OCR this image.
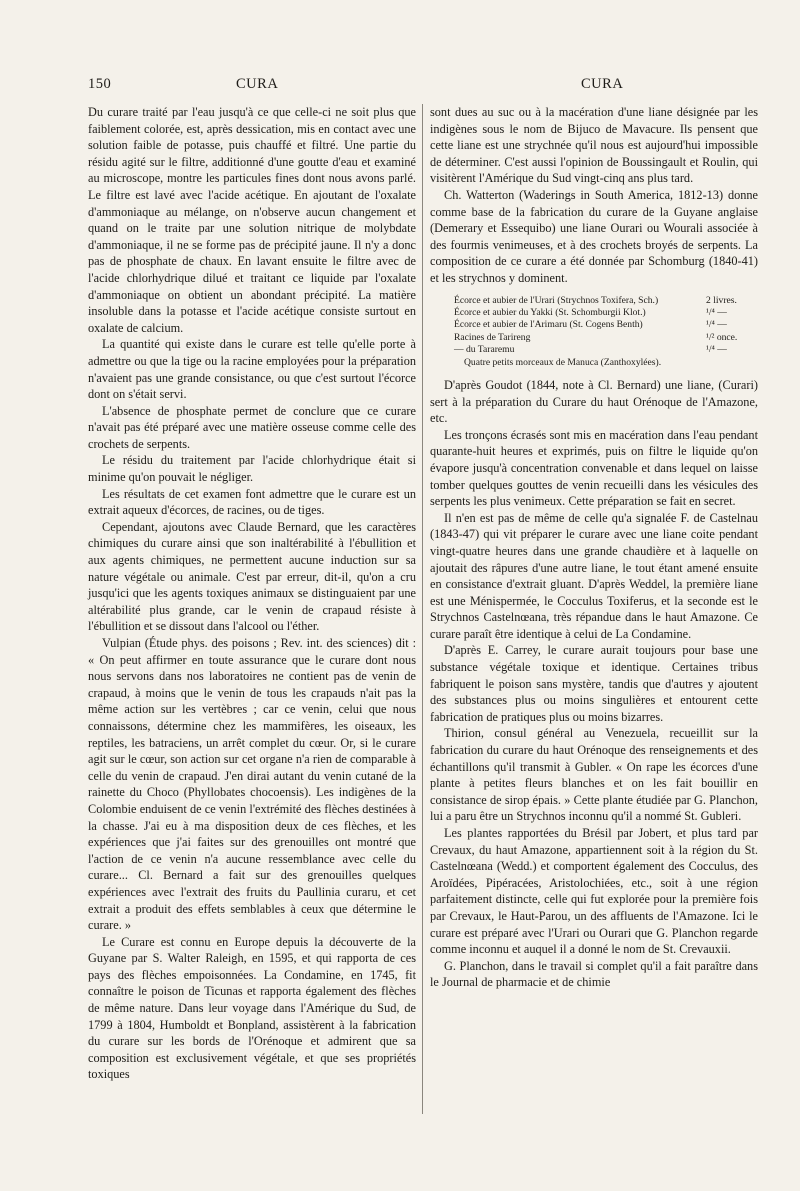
150	CURA	CURA

Du curare traité par l'eau jusqu'à ce que celle-ci ne soit plus que faiblement colorée, est, après dessication, mis en contact avec une solution faible de potasse, puis chauffé et filtré. Une partie du résidu agité sur le filtre, additionné d'une goutte d'eau et examiné au microscope, montre les particules fines dont nous avons parlé. Le filtre est lavé avec l'acide acétique. En ajoutant de l'oxalate d'ammoniaque au mélange, on n'observe aucun changement et quand on le traite par une solution nitrique de molybdate d'ammoniaque, il ne se forme pas de précipité jaune. Il n'y a donc pas de phosphate de chaux. En lavant ensuite le filtre avec de l'acide chlorhydrique dilué et traitant ce liquide par l'oxalate d'ammoniaque on obtient un abondant précipité. La matière insoluble dans la potasse et l'acide acétique consiste surtout en oxalate de calcium.

La quantité qui existe dans le curare est telle qu'elle porte à admettre ou que la tige ou la racine employées pour la préparation n'avaient pas une grande consistance, ou que c'est surtout l'écorce dont on s'était servi.

L'absence de phosphate permet de conclure que ce curare n'avait pas été préparé avec une matière osseuse comme celle des crochets de serpents.

Le résidu du traitement par l'acide chlorhydrique était si minime qu'on pouvait le négliger.

Les résultats de cet examen font admettre que le curare est un extrait aqueux d'écorces, de racines, ou de tiges.

Cependant, ajoutons avec Claude Bernard, que les caractères chimiques du curare ainsi que son inaltérabilité à l'ébullition et aux agents chimiques, ne permettent aucune induction sur sa nature végétale ou animale. C'est par erreur, dit-il, qu'on a cru jusqu'ici que les agents toxiques animaux se distinguaient par une altérabilité plus grande, car le venin de crapaud résiste à l'ébullition et se dissout dans l'alcool ou l'éther.

Vulpian (Étude phys. des poisons ; Rev. int. des sciences) dit : « On peut affirmer en toute assurance que le curare dont nous nous servons dans nos laboratoires ne contient pas de venin de crapaud, à moins que le venin de tous les crapauds n'ait pas la même action sur les vertèbres ; car ce venin, celui que nous connaissons, détermine chez les mammifères, les oiseaux, les reptiles, les batraciens, un arrêt complet du cœur. Or, si le curare agit sur le cœur, son action sur cet organe n'a rien de comparable à celle du venin de crapaud. J'en dirai autant du venin cutané de la rainette du Choco (Phyllobates chocoensis). Les indigènes de la Colombie enduisent de ce venin l'extrémité des flèches destinées à la chasse. J'ai eu à ma disposition deux de ces flèches, et les expériences que j'ai faites sur des grenouilles ont montré que l'action de ce venin n'a aucune ressemblance avec celle du curare... Cl. Bernard a fait sur des grenouilles quelques expériences avec l'extrait des fruits du Paullinia curaru, et cet extrait a produit des effets semblables à ceux que détermine le curare. »

Le Curare est connu en Europe depuis la découverte de la Guyane par S. Walter Raleigh, en 1595, et qui rapporta de ces pays des flèches empoisonnées. La Condamine, en 1745, fit connaître le poison de Ticunas et rapporta également des flèches de même nature. Dans leur voyage dans l'Amérique du Sud, de 1799 à 1804, Humboldt et Bonpland, assistèrent à la fabrication du curare sur les bords de l'Orénoque et admirent que sa composition est exclusivement végétale, et que ses propriétés toxiques

sont dues au suc ou à la macération d'une liane désignée par les indigènes sous le nom de Bijuco de Mavacure. Ils pensent que cette liane est une strychnée qu'il nous est aujourd'hui impossible de déterminer. C'est aussi l'opinion de Boussingault et Roulin, qui visitèrent l'Amérique du Sud vingt-cinq ans plus tard.

Ch. Watterton (Waderings in South America, 1812-13) donne comme base de la fabrication du curare de la Guyane anglaise (Demerary et Essequibo) une liane Ourari ou Wourali associée à des fourmis venimeuses, et à des crochets broyés de serpents. La composition de ce curare a été donnée par Schomburg (1840-41) et les strychnos y dominent.

Écorce et aubier de l'Urari (Strychnos Toxifera, Sch.)	2 livres.
Écorce et aubier du Yakki (St. Schomburgii Klot.)	¹/⁴ —
Écorce et aubier de l'Arimaru (St. Cogens Benth)	¹/⁴ —
Racines de Tarireng	¹/² once.
— du Tararemu	¹/⁴ —
Quatre petits morceaux de Manuca (Zanthoxylées).	

D'après Goudot (1844, note à Cl. Bernard) une liane, (Curari) sert à la préparation du Curare du haut Orénoque de l'Amazone, etc.

Les tronçons écrasés sont mis en macération dans l'eau pendant quarante-huit heures et exprimés, puis on filtre le liquide qu'on évapore jusqu'à concentration convenable et dans lequel on laisse tomber quelques gouttes de venin recueilli dans les vésicules des serpents les plus venimeux. Cette préparation se fait en secret.

Il n'en est pas de même de celle qu'a signalée F. de Castelnau (1843-47) qui vit préparer le curare avec une liane coite pendant vingt-quatre heures dans une grande chaudière et à laquelle on ajoutait des râpures d'une autre liane, le tout étant amené ensuite en consistance d'extrait gluant. D'après Weddel, la première liane est une Ménispermée, le Cocculus Toxiferus, et la seconde est le Strychnos Castelnœana, très répandue dans le haut Amazone. Ce curare paraît être identique à celui de La Condamine.

D'après E. Carrey, le curare aurait toujours pour base une substance végétale toxique et identique. Certaines tribus fabriquent le poison sans mystère, tandis que d'autres y ajoutent des substances plus ou moins singulières et entourent cette fabrication de pratiques plus ou moins bizarres.

Thirion, consul général au Venezuela, recueillit sur la fabrication du curare du haut Orénoque des renseignements et des échantillons qu'il transmit à Gubler. « On rape les écorces d'une plante à petites fleurs blanches et on les fait bouillir en consistance de sirop épais. » Cette plante étudiée par G. Planchon, lui a paru être un Strychnos inconnu qu'il a nommé St. Gubleri.

Les plantes rapportées du Brésil par Jobert, et plus tard par Crevaux, du haut Amazone, appartiennent soit à la région du St. Castelnœana (Wedd.) et comportent également des Cocculus, des Aroïdées, Pipéracées, Aristolochiées, etc., soit à une région parfaitement distincte, celle qui fut explorée pour la première fois par Crevaux, le Haut-Parou, un des affluents de l'Amazone. Ici le curare est préparé avec l'Urari ou Ourari que G. Planchon regarde comme inconnu et auquel il a donné le nom de St. Crevauxii.

G. Planchon, dans le travail si complet qu'il a fait paraître dans le Journal de pharmacie et de chimie
